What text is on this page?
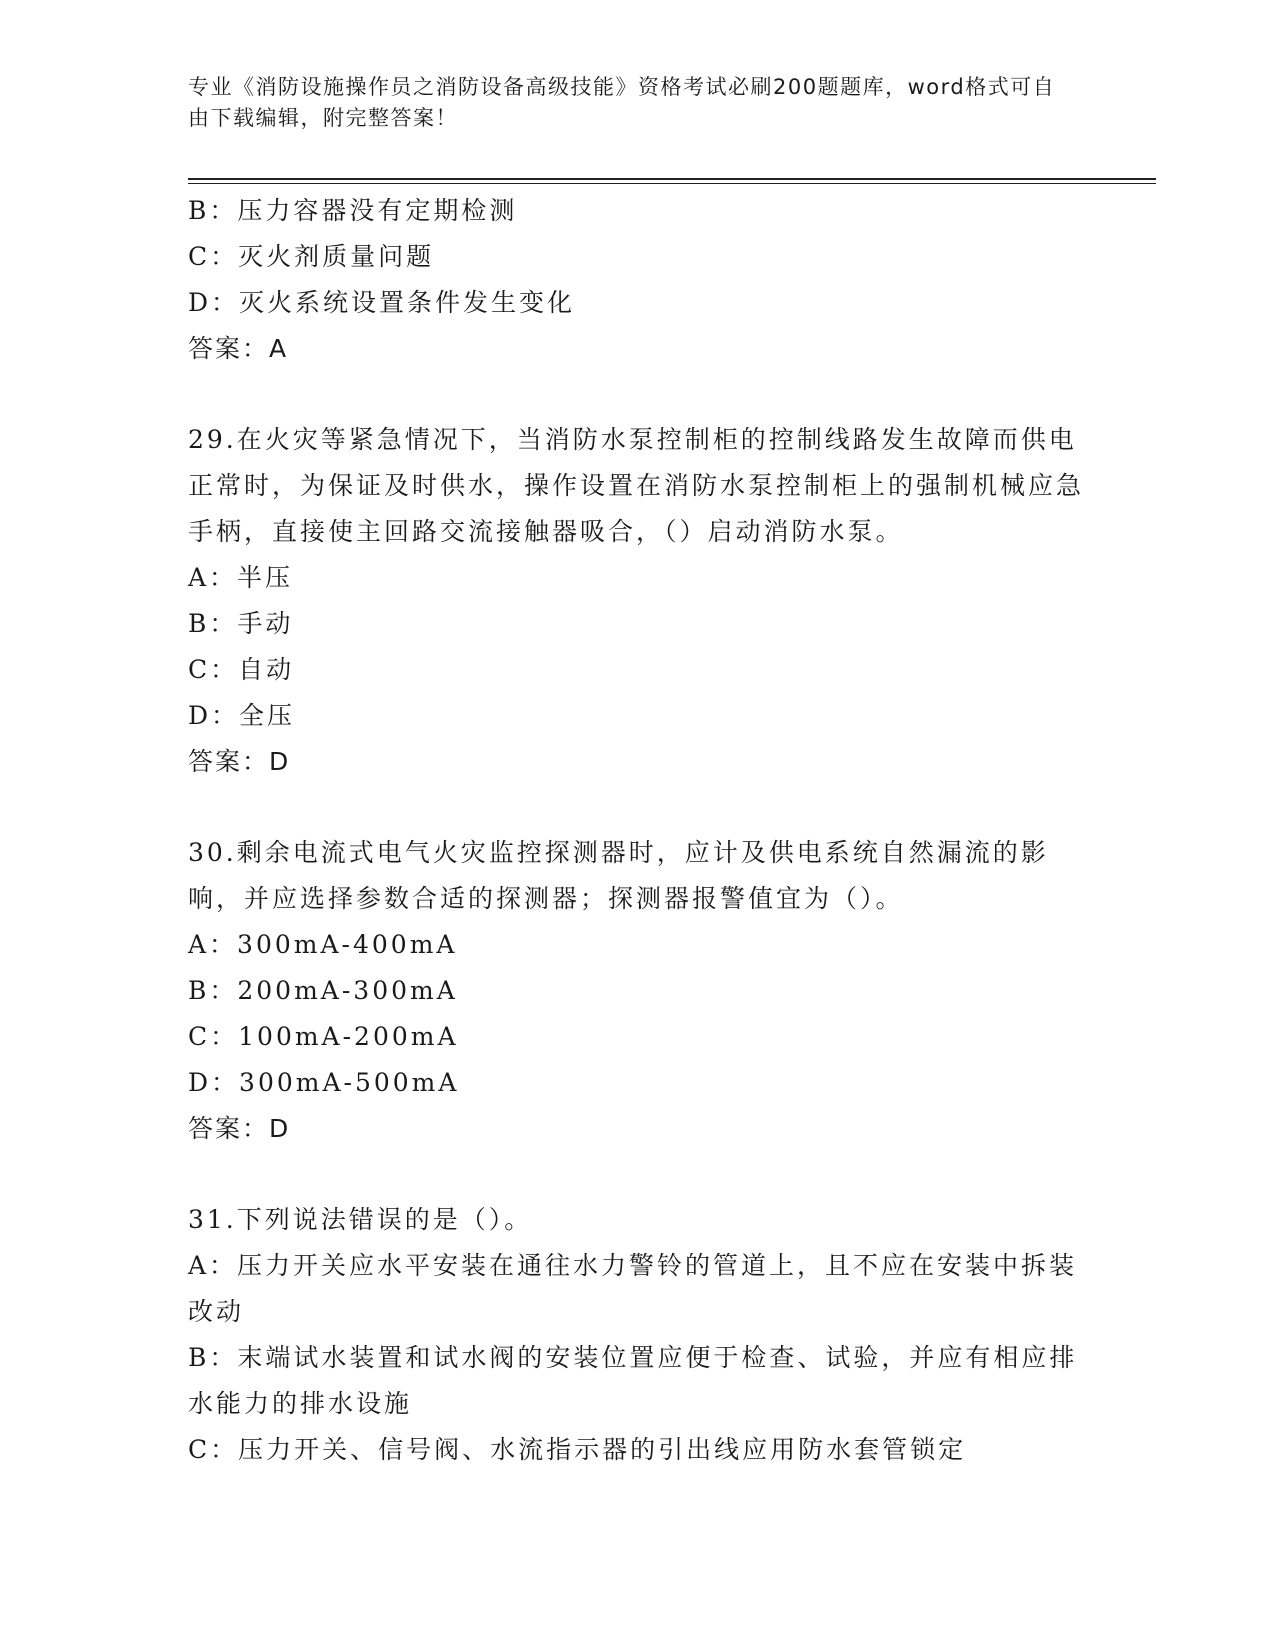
专业《消防设施操作员之消防设备高级技能》资格考试必刷200题题库，word格式可自由下载编辑，附完整答案！
B：压力容器没有定期检测
C：灭火剂质量问题
D：灭火系统设置条件发生变化
答案：A
29.在火灾等紧急情况下，当消防水泵控制柜的控制线路发生故障而供电正常时，为保证及时供水，操作设置在消防水泵控制柜上的强制机械应急手柄，直接使主回路交流接触器吸合，（）启动消防水泵。
A：半压
B：手动
C：自动
D：全压
答案：D
30.剩余电流式电气火灾监控探测器时，应计及供电系统自然漏流的影响，并应选择参数合适的探测器；探测器报警值宜为（）。
A：300mA-400mA
B：200mA-300mA
C：100mA-200mA
D：300mA-500mA
答案：D
31.下列说法错误的是（）。
A：压力开关应水平安装在通往水力警铃的管道上，且不应在安装中拆装改动
B：末端试水装置和试水阀的安装位置应便于检查、试验，并应有相应排水能力的排水设施
C：压力开关、信号阀、水流指示器的引出线应用防水套管锁定
